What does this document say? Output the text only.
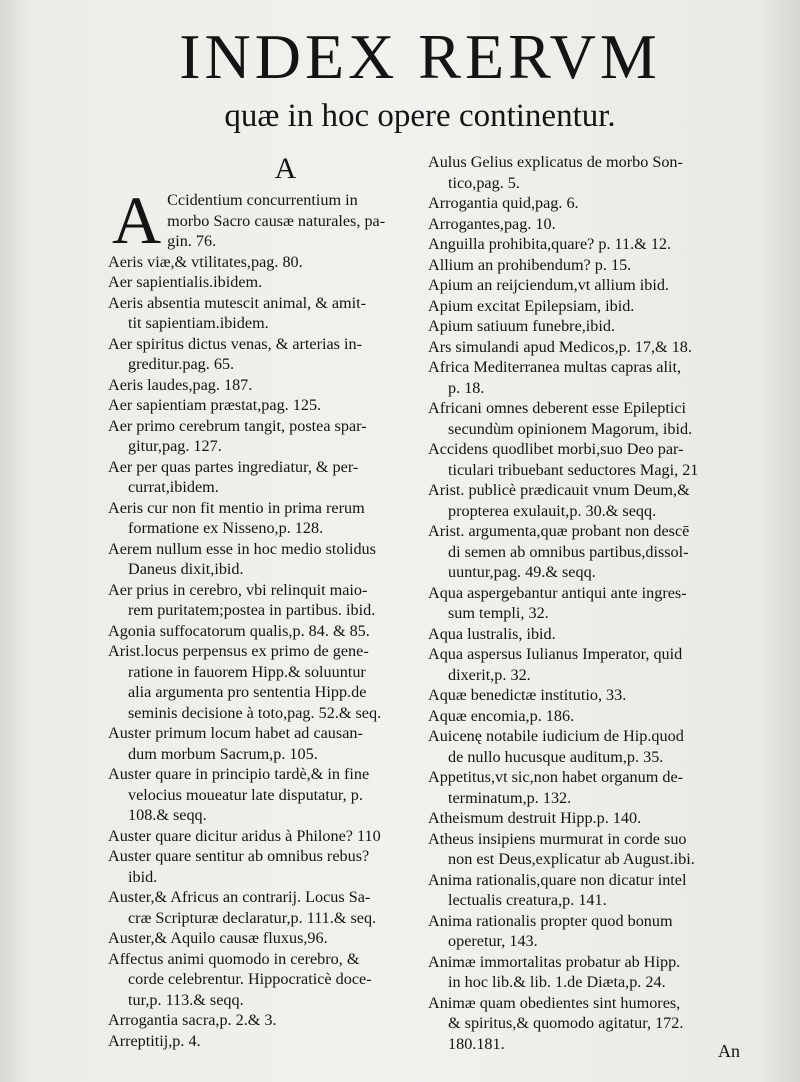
INDEX RERVM
quæ in hoc opere continentur.
A
A Ccidentium concurrentium in
morbo Sacro causæ naturales, pa-
gin. 76.
Aeris viæ,& vtilitates,pag. 80.
Aer sapientialis.ibidem.
Aeris absentia mutescit animal, & amit-
tit sapientiam.ibidem.
Aer spiritus dictus venas, & arterias in-
greditur.pag. 65.
Aeris laudes,pag. 187.
Aer sapientiam præstat,pag. 125.
Aer primo cerebrum tangit, postea spar-
gitur,pag. 127.
Aer per quas partes ingrediatur, & per-
currat,ibidem.
Aeris cur non fit mentio in prima rerum
formatione ex Nisseno,p. 128.
Aerem nullum esse in hoc medio stolidus
Daneus dixit,ibid.
Aer prius in cerebro, vbi relinquit maio-
rem puritatem;postea in partibus. ibid.
Agonia suffocatorum qualis,p. 84. & 85.
Arist.locus perpensus ex primo de gene-
ratione in fauorem Hipp.& soluuntur
alia argumenta pro sententia Hipp.de
seminis decisione à toto,pag. 52.& seq.
Auster primum locum habet ad causan-
dum morbum Sacrum,p. 105.
Auster quare in principio tardè,& in fine
velocius moueatur late disputatur, p.
108.& seqq.
Auster quare dicitur aridus à Philone? 110
Auster quare sentitur ab omnibus rebus?
ibid.
Auster,& Africus an contrarij. Locus Sa-
cræ Scripturæ declaratur,p. 111.& seq.
Auster,& Aquilo causæ fluxus,96.
Affectus animi quomodo in cerebro, &
corde celebrentur. Hippocraticè doce-
tur,p. 113.& seqq.
Arrogantia sacra,p. 2.& 3.
Arreptitij,p. 4.
Aulus Gelius explicatus de morbo Son-
tico,pag. 5.
Arrogantia quid,pag. 6.
Arrogantes,pag. 10.
Anguilla prohibita,quare? p. 11.& 12.
Allium an prohibendum? p. 15.
Apium an reijciendum,vt allium ibid.
Apium excitat Epilepsiam, ibid.
Apium satiuum funebre,ibid.
Ars simulandi apud Medicos,p. 17,& 18.
Africa Mediterranea multas capras alit,
p. 18.
Africani omnes deberent esse Epileptici
secundùm opinionem Magorum, ibid.
Accidens quodlibet morbi,suo Deo par-
ticulari tribuebant seductores Magi, 21
Arist. publicè prædicauit vnum Deum,&
propterea exulauit,p. 30.& seqq.
Arist. argumenta,quæ probant non descē
di semen ab omnibus partibus,dissol-
uuntur,pag. 49.& seqq.
Aqua aspergebantur antiqui ante ingres-
sum templi, 32.
Aqua lustralis, ibid.
Aqua aspersus Iulianus Imperator, quid
dixerit,p. 32.
Aquæ benedictæ institutio, 33.
Aquæ encomia,p. 186.
Auicenę notabile iudicium de Hip.quod
de nullo hucusque auditum,p. 35.
Appetitus,vt sic,non habet organum de-
terminatum,p. 132.
Atheismum destruit Hipp.p. 140.
Atheus insipiens murmurat in corde suo
non est Deus,explicatur ab August.ibi.
Anima rationalis,quare non dicatur intel
lectualis creatura,p. 141.
Anima rationalis propter quod bonum
operetur, 143.
Animæ immortalitas probatur ab Hipp.
in hoc lib.& lib. 1.de Diæta,p. 24.
Animæ quam obedientes sint humores,
& spiritus,& quomodo agitatur, 172.
180.181.	An
